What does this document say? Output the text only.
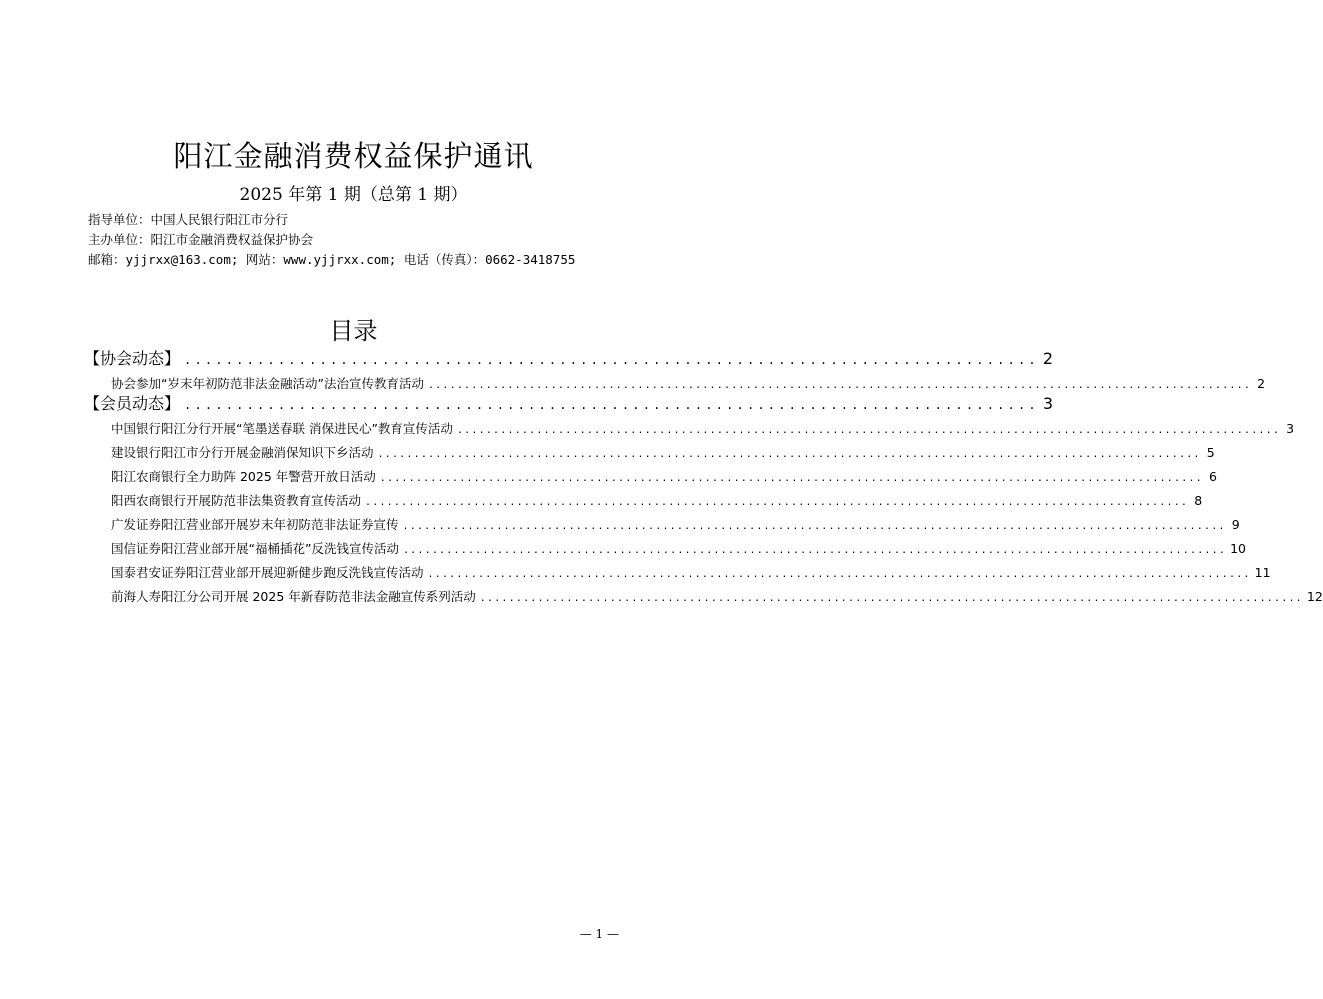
阳江金融消费权益保护通讯
2025 年第 1 期（总第 1 期）
指导单位：中国人民银行阳江市分行
主办单位：阳江市金融消费权益保护协会
邮箱：yjjrxx@163.com; 网站：www.yjjrxx.com; 电话（传真）：0662-3418755
目录
【协会动态】 .................................................................................. 2
协会参加“岁末年初防范非法金融活动”法治宣传教育活动 .................................................................................................................. 2
【会员动态】 .................................................................................. 3
中国银行阳江分行开展“笔墨送春联 消保进民心”教育宣传活动 .................................................................................................................. 3
建设银行阳江市分行开展金融消保知识下乡活动 .................................................................................................................. 5
阳江农商银行全力助阵 2025 年警营开放日活动 .................................................................................................................. 6
阳西农商银行开展防范非法集资教育宣传活动 .................................................................................................................. 8
广发证券阳江营业部开展岁末年初防范非法证券宣传 .................................................................................................................. 9
国信证券阳江营业部开展“福桶插花”反洗钱宣传活动 .................................................................................................................. 10
国泰君安证券阳江营业部开展迎新健步跑反洗钱宣传活动 .................................................................................................................. 11
前海人寿阳江分公司开展 2025 年新春防范非法金融宣传系列活动 .................................................................................................................. 12
— 1 —
